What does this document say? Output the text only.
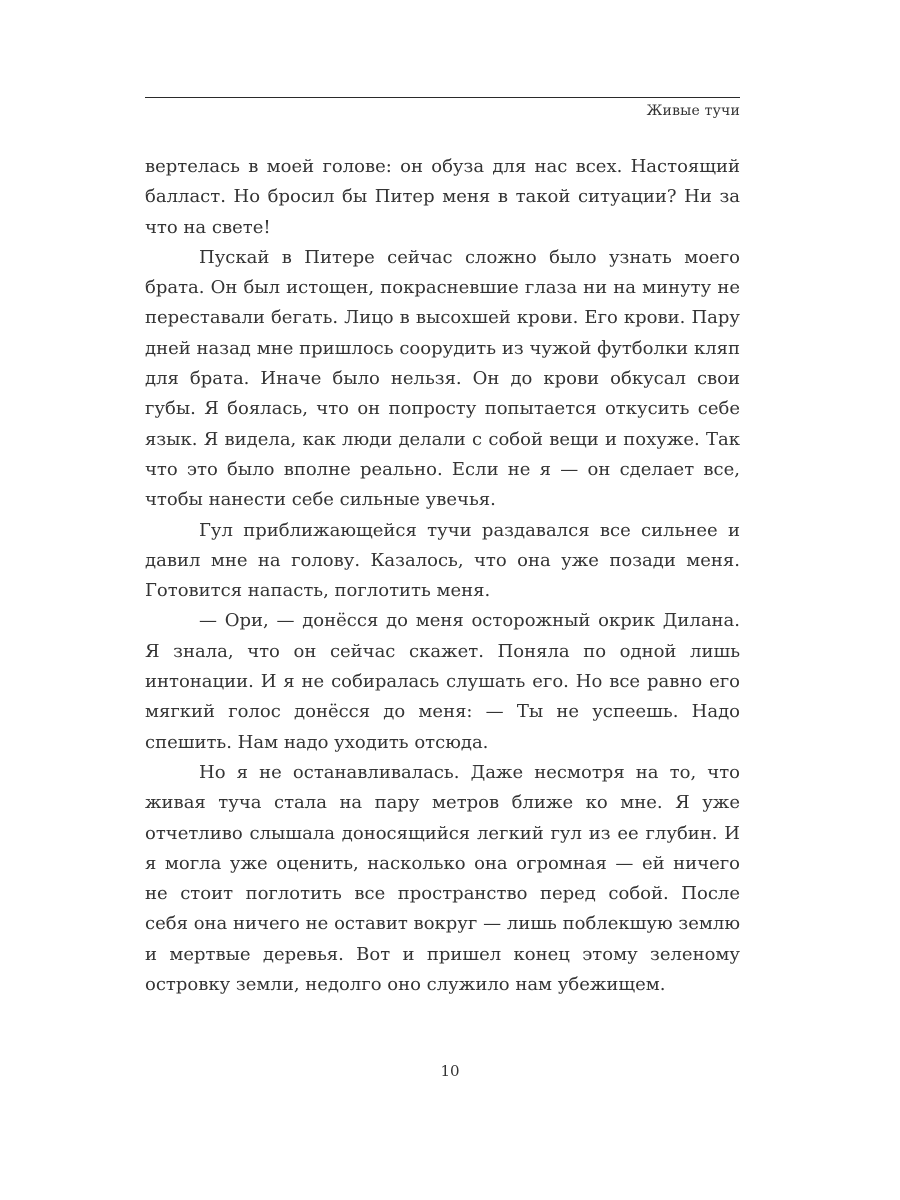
Живые тучи

вертелась в моей голове: он обуза для нас всех. Настоящий балласт. Но бросил бы Питер меня в такой ситуации? Ни за что на свете!

Пускай в Питере сейчас сложно было узнать моего брата. Он был истощен, покрасневшие глаза ни на минуту не переставали бегать. Лицо в высохшей крови. Его крови. Пару дней назад мне пришлось соорудить из чужой футболки кляп для брата. Иначе было нельзя. Он до крови обкусал свои губы. Я боялась, что он попросту попытается откусить себе язык. Я видела, как люди делали с собой вещи и похуже. Так что это было вполне реально. Если не я — он сделает все, чтобы нанести себе сильные увечья.

Гул приближающейся тучи раздавался все сильнее и давил мне на голову. Казалось, что она уже позади меня. Готовится напасть, поглотить меня.

— Ори, — донёсся до меня осторожный окрик Дилана. Я знала, что он сейчас скажет. Поняла по одной лишь интонации. И я не собиралась слушать его. Но все равно его мягкий голос донёсся до меня: — Ты не успеешь. Надо спешить. Нам надо уходить отсюда.

Но я не останавливалась. Даже несмотря на то, что живая туча стала на пару метров ближе ко мне. Я уже отчетливо слышала доносящийся легкий гул из ее глубин. И я могла уже оценить, насколько она огромная — ей ничего не стоит поглотить все пространство перед собой. После себя она ничего не оставит вокруг — лишь поблекшую землю и мертвые деревья. Вот и пришел конец этому зеленому островку земли, недолго оно служило нам убежищем.

10
